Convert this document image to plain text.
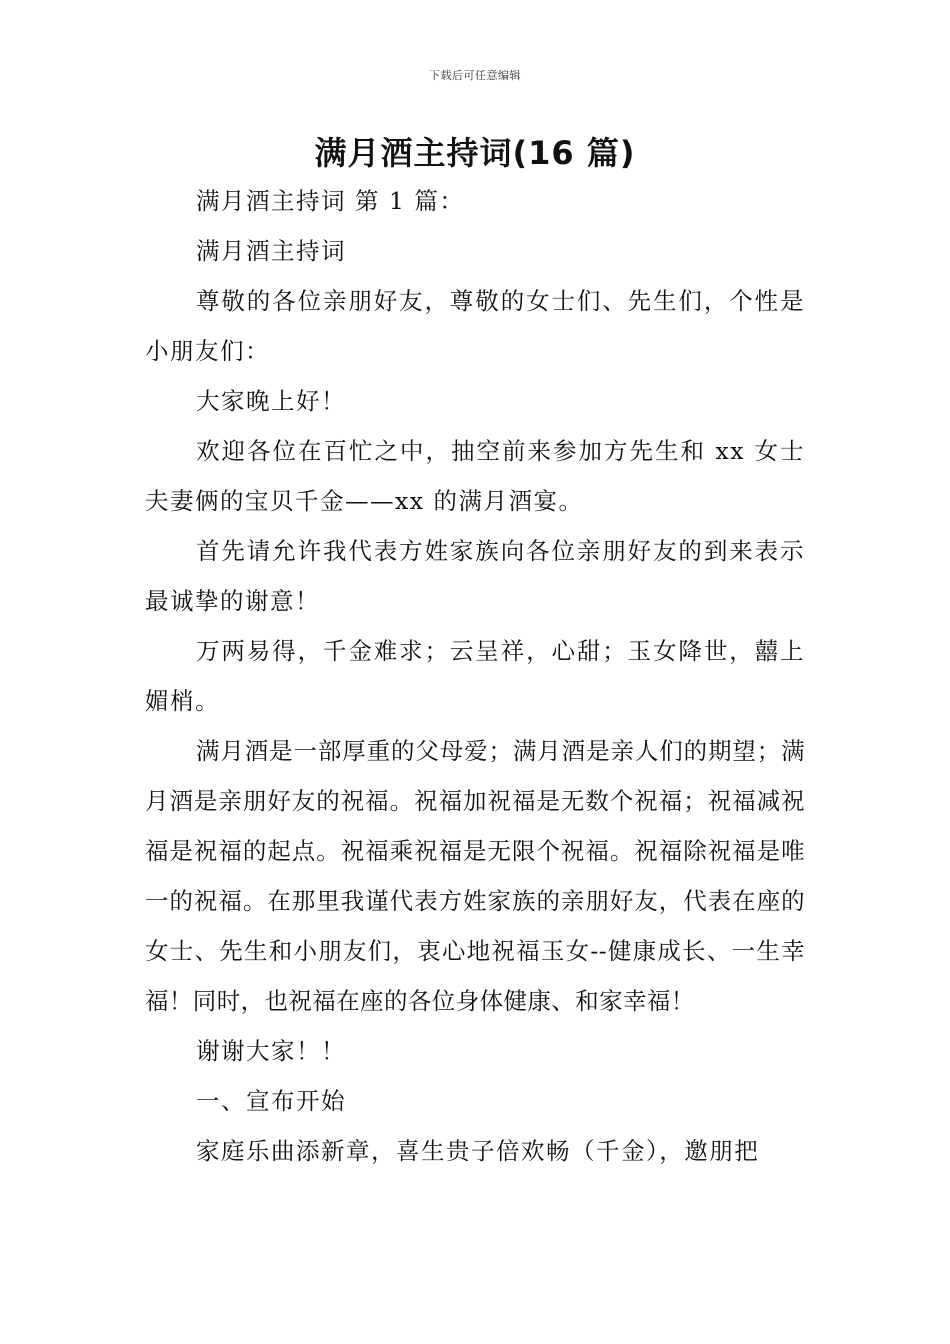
下载后可任意编辑
满月酒主持词(16 篇)

满月酒主持词 第 1 篇：

满月酒主持词

尊敬的各位亲朋好友，尊敬的女士们、先生们，个性是小朋友们：

大家晚上好！

欢迎各位在百忙之中，抽空前来参加方先生和 xx 女士夫妻俩的宝贝千金——xx 的满月酒宴。

首先请允许我代表方姓家族向各位亲朋好友的到来表示最诚挚的谢意！

万两易得，千金难求；云呈祥，心甜；玉女降世，囍上媚梢。

满月酒是一部厚重的父母爱；满月酒是亲人们的期望；满月酒是亲朋好友的祝福。祝福加祝福是无数个祝福；祝福减祝福是祝福的起点。祝福乘祝福是无限个祝福。祝福除祝福是唯一的祝福。在那里我谨代表方姓家族的亲朋好友，代表在座的女士、先生和小朋友们，衷心地祝福玉女--健康成长、一生幸福！同时，也祝福在座的各位身体健康、和家幸福！

谢谢大家！！

一、宣布开始

家庭乐曲添新章，喜生贵子倍欢畅（千金），邀朋把
